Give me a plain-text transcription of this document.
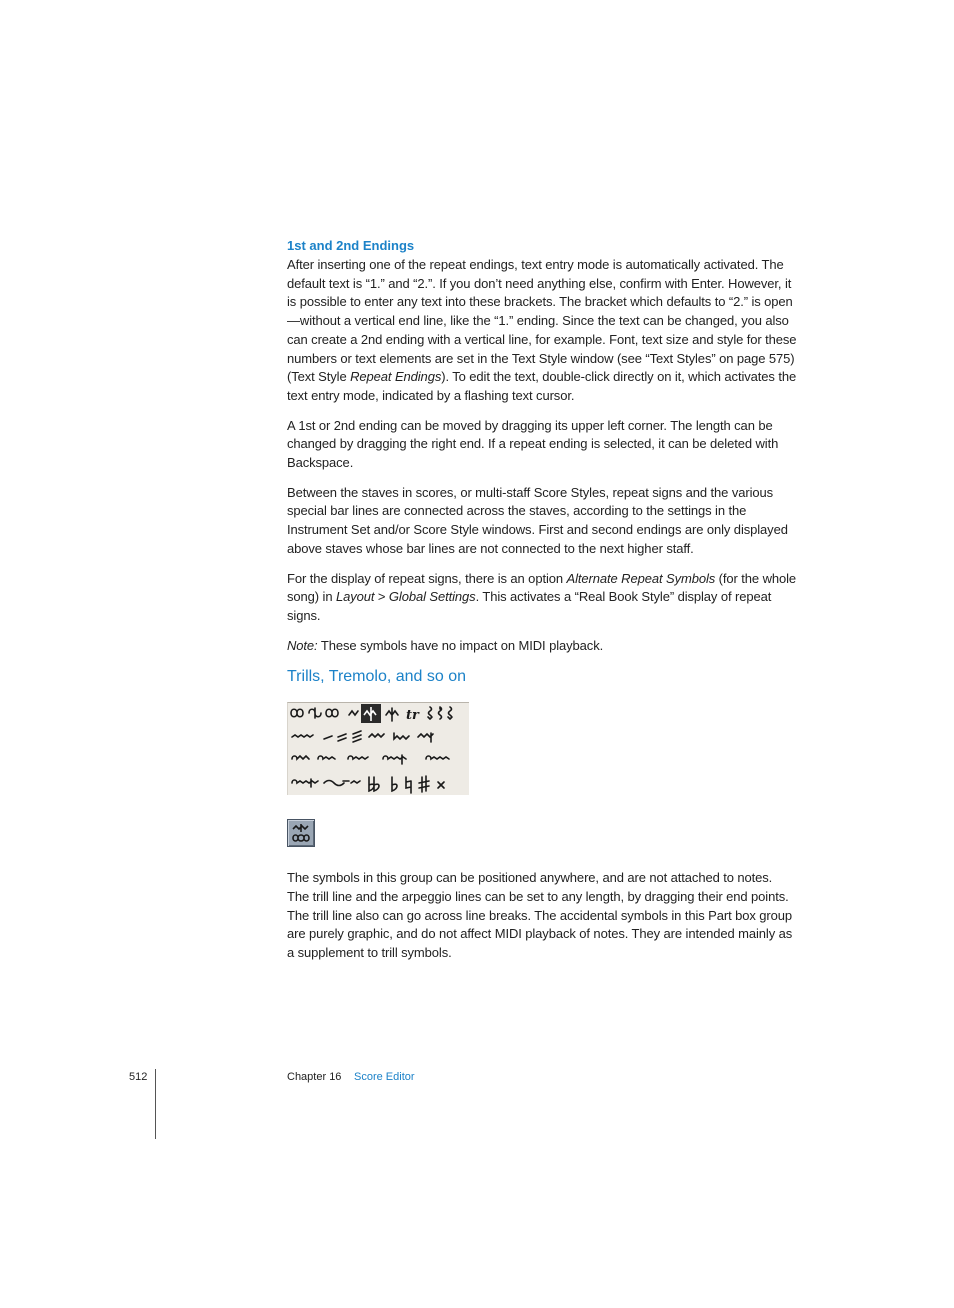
1st and 2nd Endings

After inserting one of the repeat endings, text entry mode is automatically activated. The default text is “1.” and “2.”. If you don’t need anything else, confirm with Enter. However, it is possible to enter any text into these brackets. The bracket which defaults to “2.” is open—without a vertical end line, like the “1.” ending. Since the text can be changed, you also can create a 2nd ending with a vertical line, for example. Font, text size and style for these numbers or text elements are set in the Text Style window (see “Text Styles” on page 575) (Text Style Repeat Endings). To edit the text, double-click directly on it, which activates the text entry mode, indicated by a flashing text cursor.

A 1st or 2nd ending can be moved by dragging its upper left corner. The length can be changed by dragging the right end. If a repeat ending is selected, it can be deleted with Backspace.

Between the staves in scores, or multi-staff Score Styles, repeat signs and the various special bar lines are connected across the staves, according to the settings in the Instrument Set and/or Score Style windows. First and second endings are only displayed above staves whose bar lines are not connected to the next higher staff.

For the display of repeat signs, there is an option Alternate Repeat Symbols (for the whole song) in Layout > Global Settings. This activates a “Real Book Style” display of repeat signs.

Note: These symbols have no impact on MIDI playback.

Trills, Tremolo, and so on
tr

The symbols in this group can be positioned anywhere, and are not attached to notes. The trill line and the arpeggio lines can be set to any length, by dragging their end points. The trill line also can go across line breaks. The accidental symbols in this Part box group are purely graphic, and do not affect MIDI playback of notes. They are intended mainly as a supplement to trill symbols.

512	Chapter 16 Score Editor
